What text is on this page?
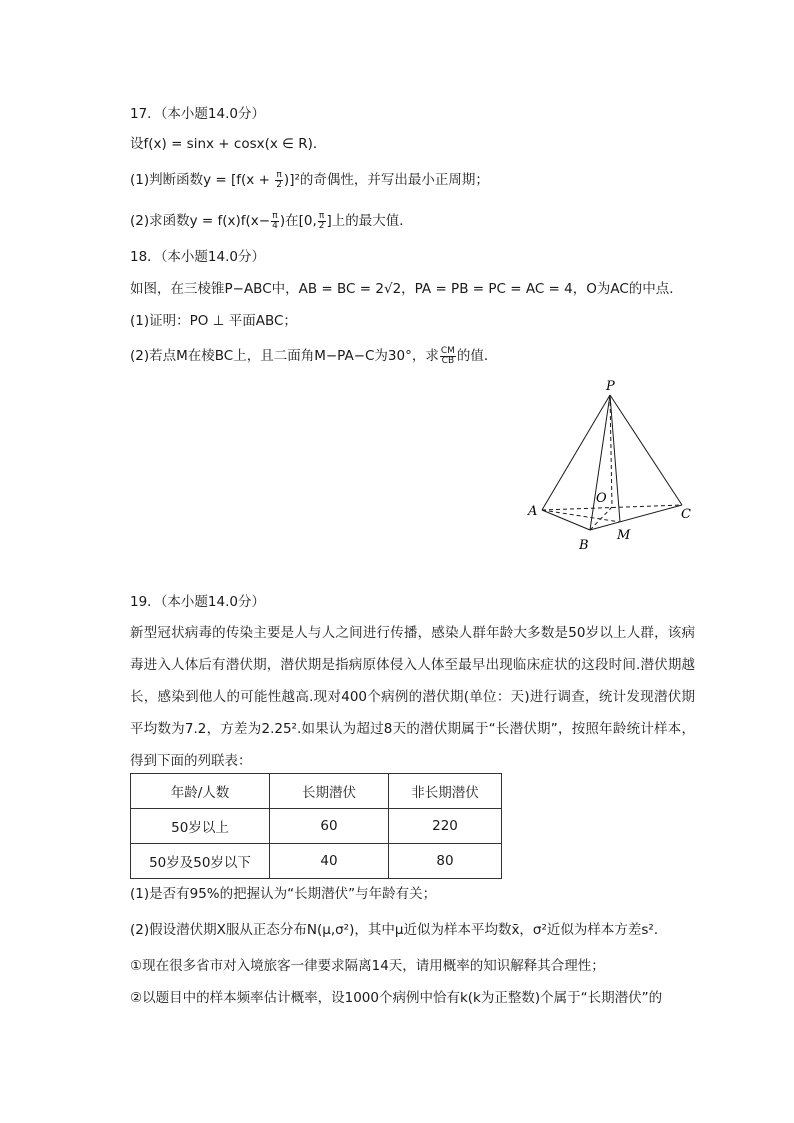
17．（本小题14.0分）
设f(x) = sinx + cosx(x ∈ R)．
(1)判断函数$y = [f(x + \frac{\pi}{2} )]^2$的奇偶性，并写出最小正周期；
(2)求函数$y = f(x)f(x- \frac{\pi}{4}$ )在[0, $\frac{\pi}{2}$ ]上的最大值．
18．（本小题14.0分）
如图，在三棱锥P−ABC中，AB = BC = 2√2，PA = PB = PC = AC = 4，O为AC的中点．
(1)证明：PO ⊥ 平面ABC；
(2)若点M在棱BC上，且二面角M−PA−C为30°，求 $\frac{CM}{CB}$ 的值．
P
A
B
C
O
M
19．（本小题14.0分）
新型冠状病毒的传染主要是人与人之间进行传播，感染人群年龄大多数是50岁以上人群，该病毒进入人体后有潜伏期，潜伏期是指病原体侵入人体至最早出现临床症状的这段时间.潜伏期越长，感染到他人的可能性越高.现对400个病例的潜伏期(单位：天)进行调查，统计发现潜伏期平均数为7.2，方差为2.25².如果认为超过8天的潜伏期属于“长潜伏期”，按照年龄统计样本，得到下面的列联表：
年龄/人数	长期潜伏	非长期潜伏
50岁以上	60	220
50岁及50岁以下	40	80
(1)是否有95%的把握认为“长期潜伏”与年龄有关；
(2)假设潜伏期X服从正态分布N(μ,σ²)，其中μ近似为样本平均数x̄，σ²近似为样本方差s²．
①现在很多省市对入境旅客一律要求隔离14天，请用概率的知识解释其合理性；
②以题目中的样本频率估计概率，设1000个病例中恰有k(k为正整数)个属于“长期潜伏”的
